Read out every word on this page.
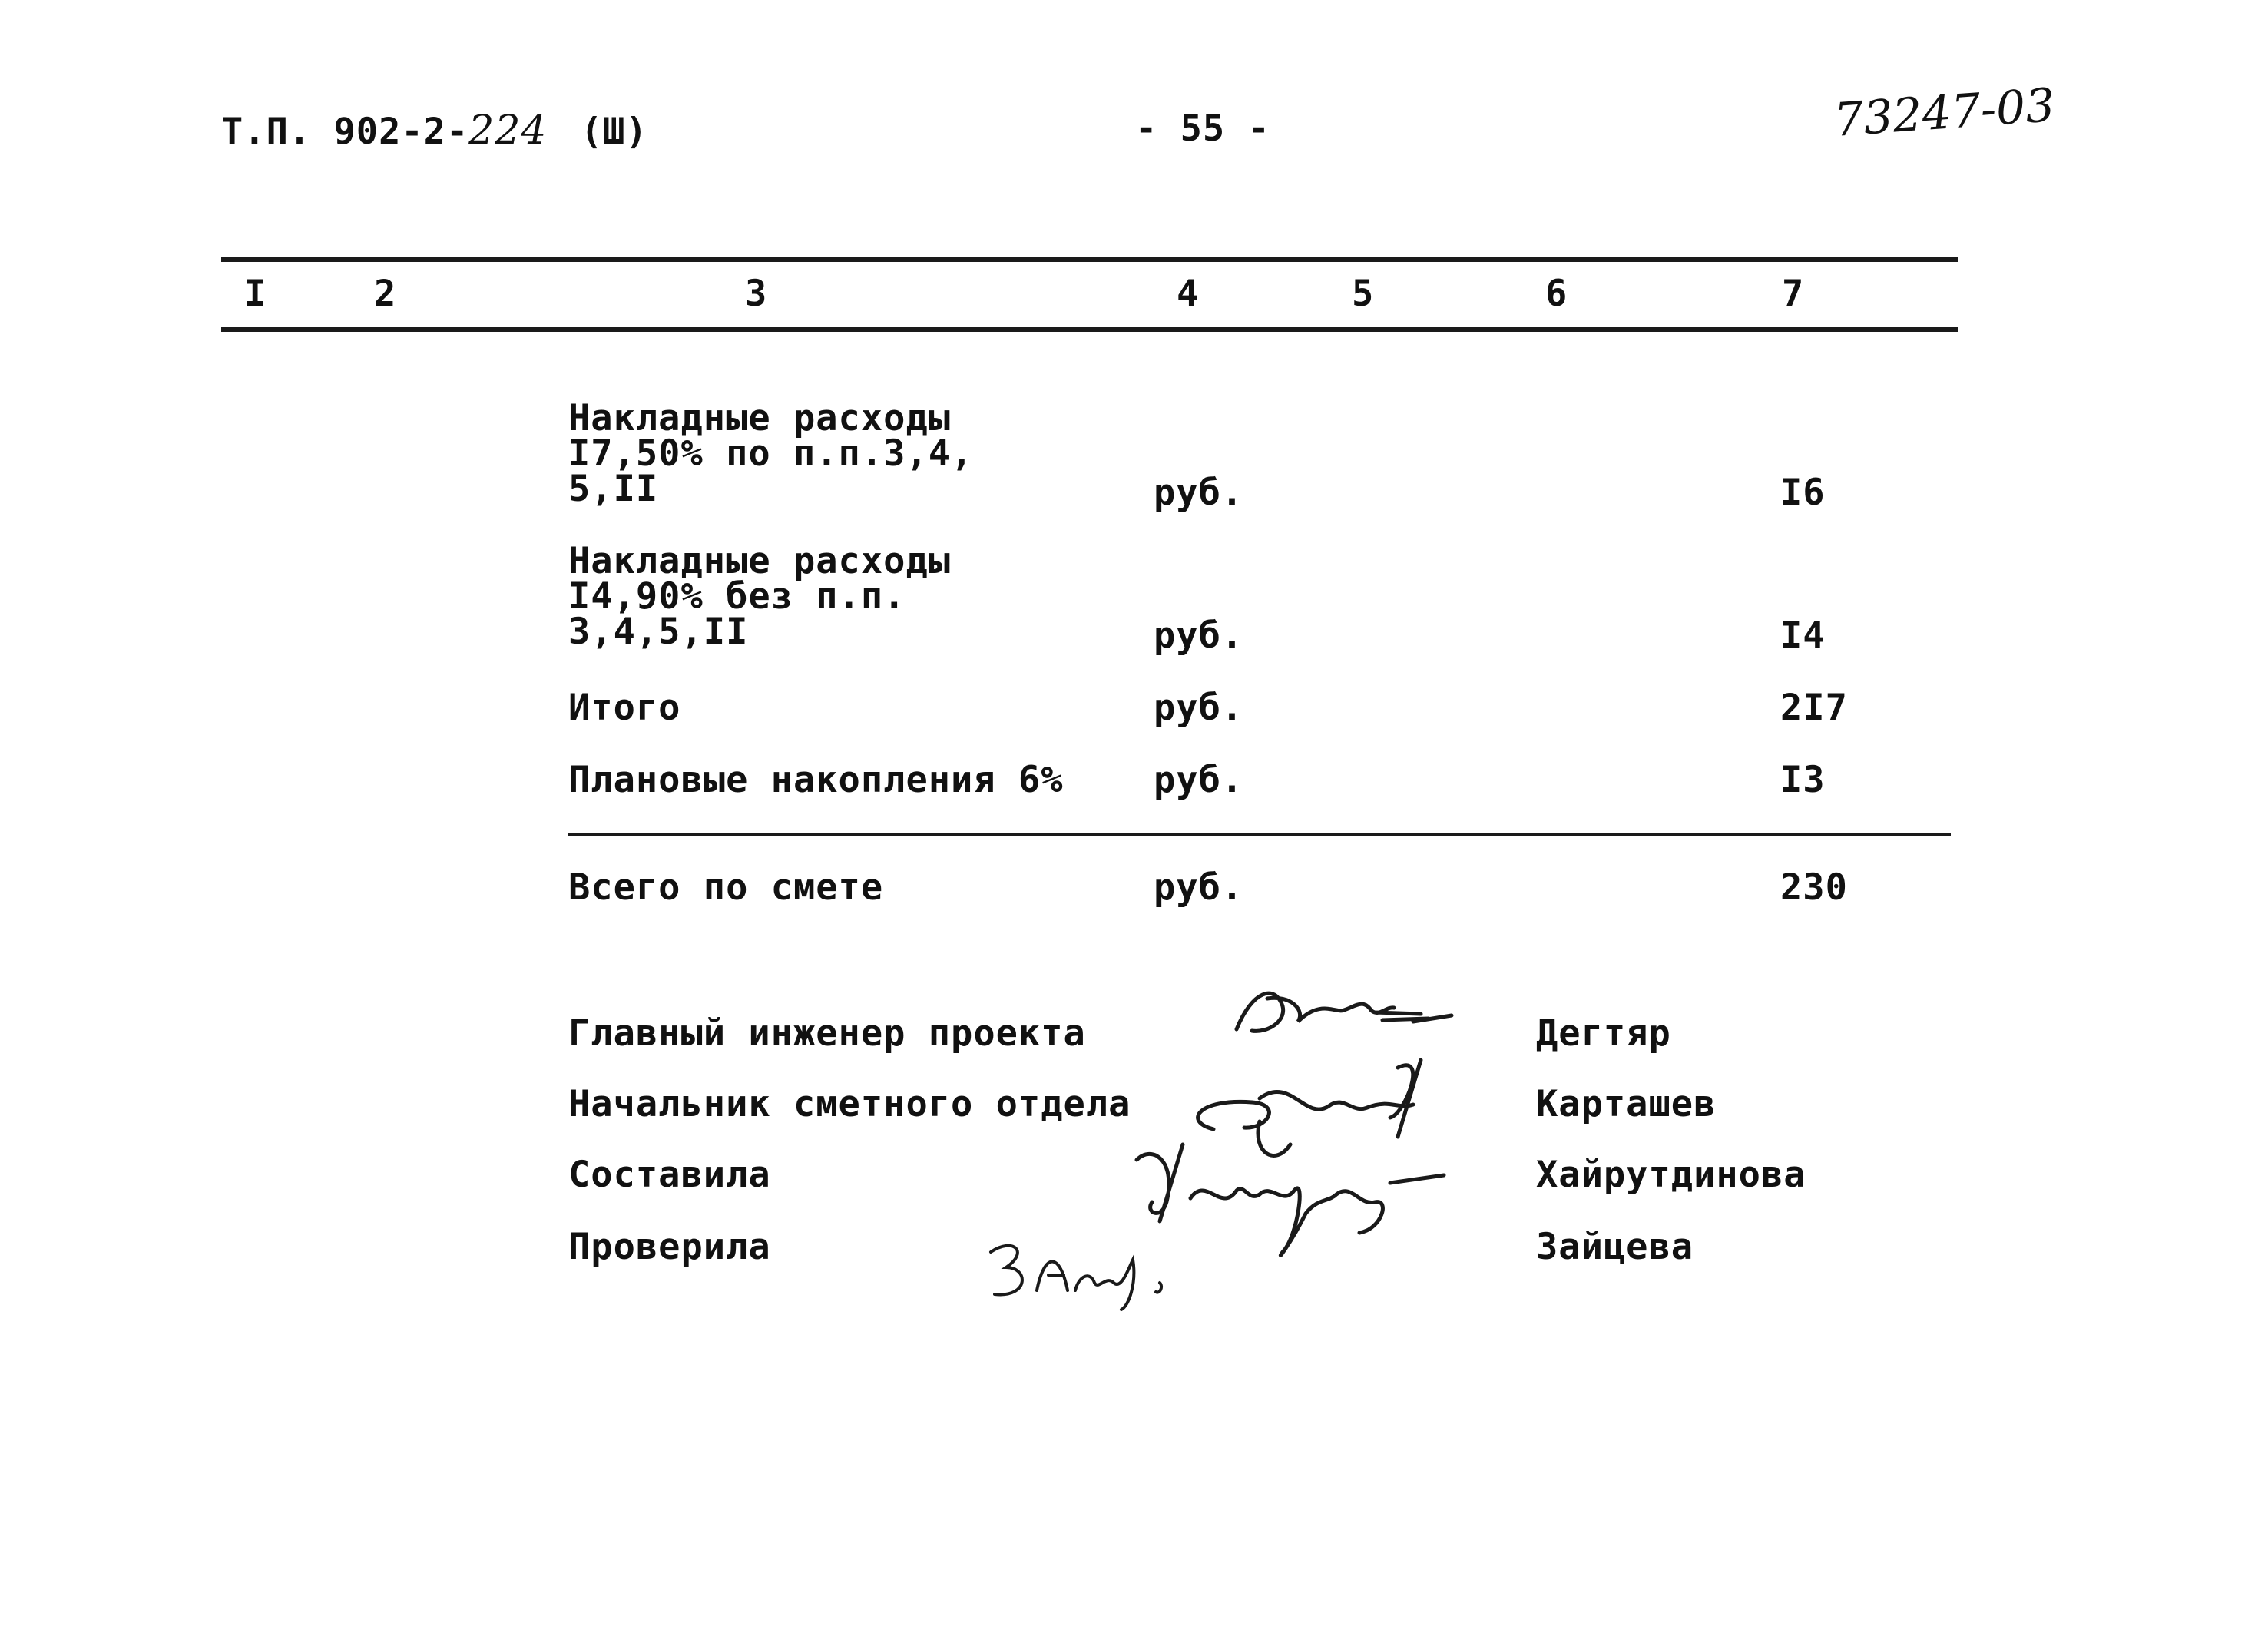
Т.П. 902-2-224 (Ш)	- 55 -	73247-03
I	2	3	4	5	6	7
Накладные расходы
I7,50% по п.п.3,4,
5,II	руб.	I6
Накладные расходы
I4,90% без п.п.
3,4,5,II	руб.	I4
Итого	руб.	2I7
Плановые накопления 6% руб.	I3
Всего по смете	руб.	230
Главный инженер проекта	Дегтяр
Начальник сметного отдела	Карташев
Составила	Хайрутдинова
Проверила	Зайцева
